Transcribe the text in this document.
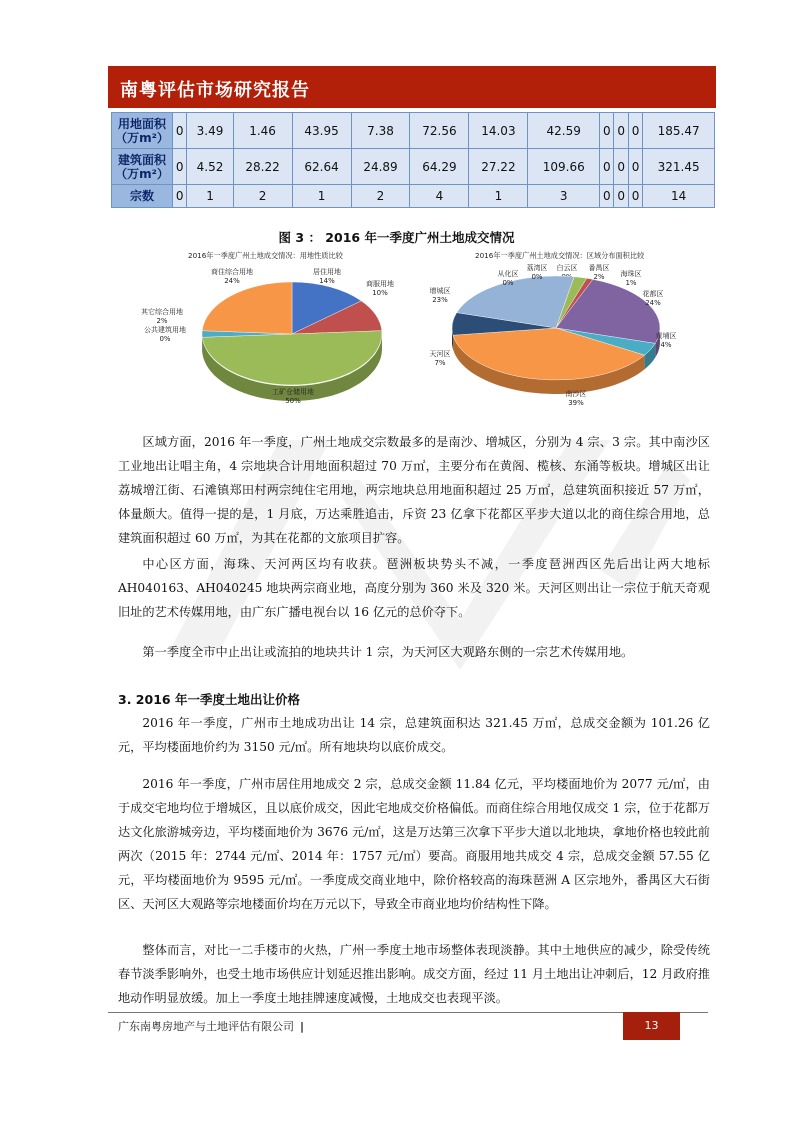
南粤评估市场研究报告
用地面积
（万m²）	0	3.49	1.46	43.95	7.38	72.56	14.03	42.59	0	0	0	185.47

建筑面积
（万m²）	0	4.52	28.22	62.64	24.89	64.29	27.22	109.66	0	0	0	321.45

宗数	0	1	2	1	2	4	1	3	0	0	0	14
图 3 ： 2016 年一季度广州土地成交情况
2016年一季度广州土地成交情况：用地性质比较
居住用地
14%	商服用地
10%
工矿仓储用地
50%
公共建筑用地
0%
其它综合用地
2%
商住综合用地
24%
2016年一季度广州土地成交情况：区域分布面积比较
白云区 番禺区
2% 海珠区
1%
花都区
24%
黄埔区
4%
南沙区
39%
天河区
7%
增城区
23%
从化区
0%
荔湾区
0%

区域方面，2016 年一季度，广州土地成交宗数最多的是南沙、增城区，分别为 4 宗、3 宗。其中南沙区工业地出让唱主角，4 宗地块合计用地面积超过 70 万㎡，主要分布在黄阁、榄核、东涌等板块。增城区出让荔城增江街、石滩镇郑田村两宗纯住宅用地，两宗地块总用地面积超过 25 万㎡，总建筑面积接近 57 万㎡，体量颇大。值得一提的是，1 月底，万达乘胜追击，斥资 23 亿拿下花都区平步大道以北的商住综合用地，总建筑面积超过 60 万㎡，为其在花都的文旅项目扩容。

中心区方面，海珠、天河两区均有收获。琶洲板块势头不减，一季度琶洲西区先后出让两大地标 AH040163、AH040245 地块两宗商业地，高度分别为 360 米及 320 米。天河区则出让一宗位于航天奇观旧址的艺术传媒用地，由广东广播电视台以 16 亿元的总价夺下。

第一季度全市中止出让或流拍的地块共计 1 宗，为天河区大观路东侧的一宗艺术传媒用地。

3. 2016 年一季度土地出让价格

2016 年一季度，广州市土地成功出让 14 宗，总建筑面积达 321.45 万㎡，总成交金额为 101.26 亿元，平均楼面地价约为 3150 元/㎡。所有地块均以底价成交。

2016 年一季度，广州市居住用地成交 2 宗，总成交金额 11.84 亿元，平均楼面地价为 2077 元/㎡，由于成交宅地均位于增城区，且以底价成交，因此宅地成交价格偏低。而商住综合用地仅成交 1 宗，位于花都万达文化旅游城旁边，平均楼面地价为 3676 元/㎡，这是万达第三次拿下平步大道以北地块，拿地价格也较此前两次（2015 年：2744 元/㎡、2014 年：1757 元/㎡）要高。商服用地共成交 4 宗，总成交金额 57.55 亿元，平均楼面地价为 9595 元/㎡。一季度成交商业地中，除价格较高的海珠琶洲 A 区宗地外，番禺区大石街区、天河区大观路等宗地楼面价均在万元以下，导致全市商业地均价结构性下降。

整体而言，对比一二手楼市的火热，广州一季度土地市场整体表现淡静。其中土地供应的减少，除受传统春节淡季影响外，也受土地市场供应计划延迟推出影响。成交方面，经过 11 月土地出让冲刺后，12 月政府推地动作明显放缓。加上一季度土地挂牌速度减慢，土地成交也表现平淡。

广东南粤房地产与土地评估有限公司 |	13
